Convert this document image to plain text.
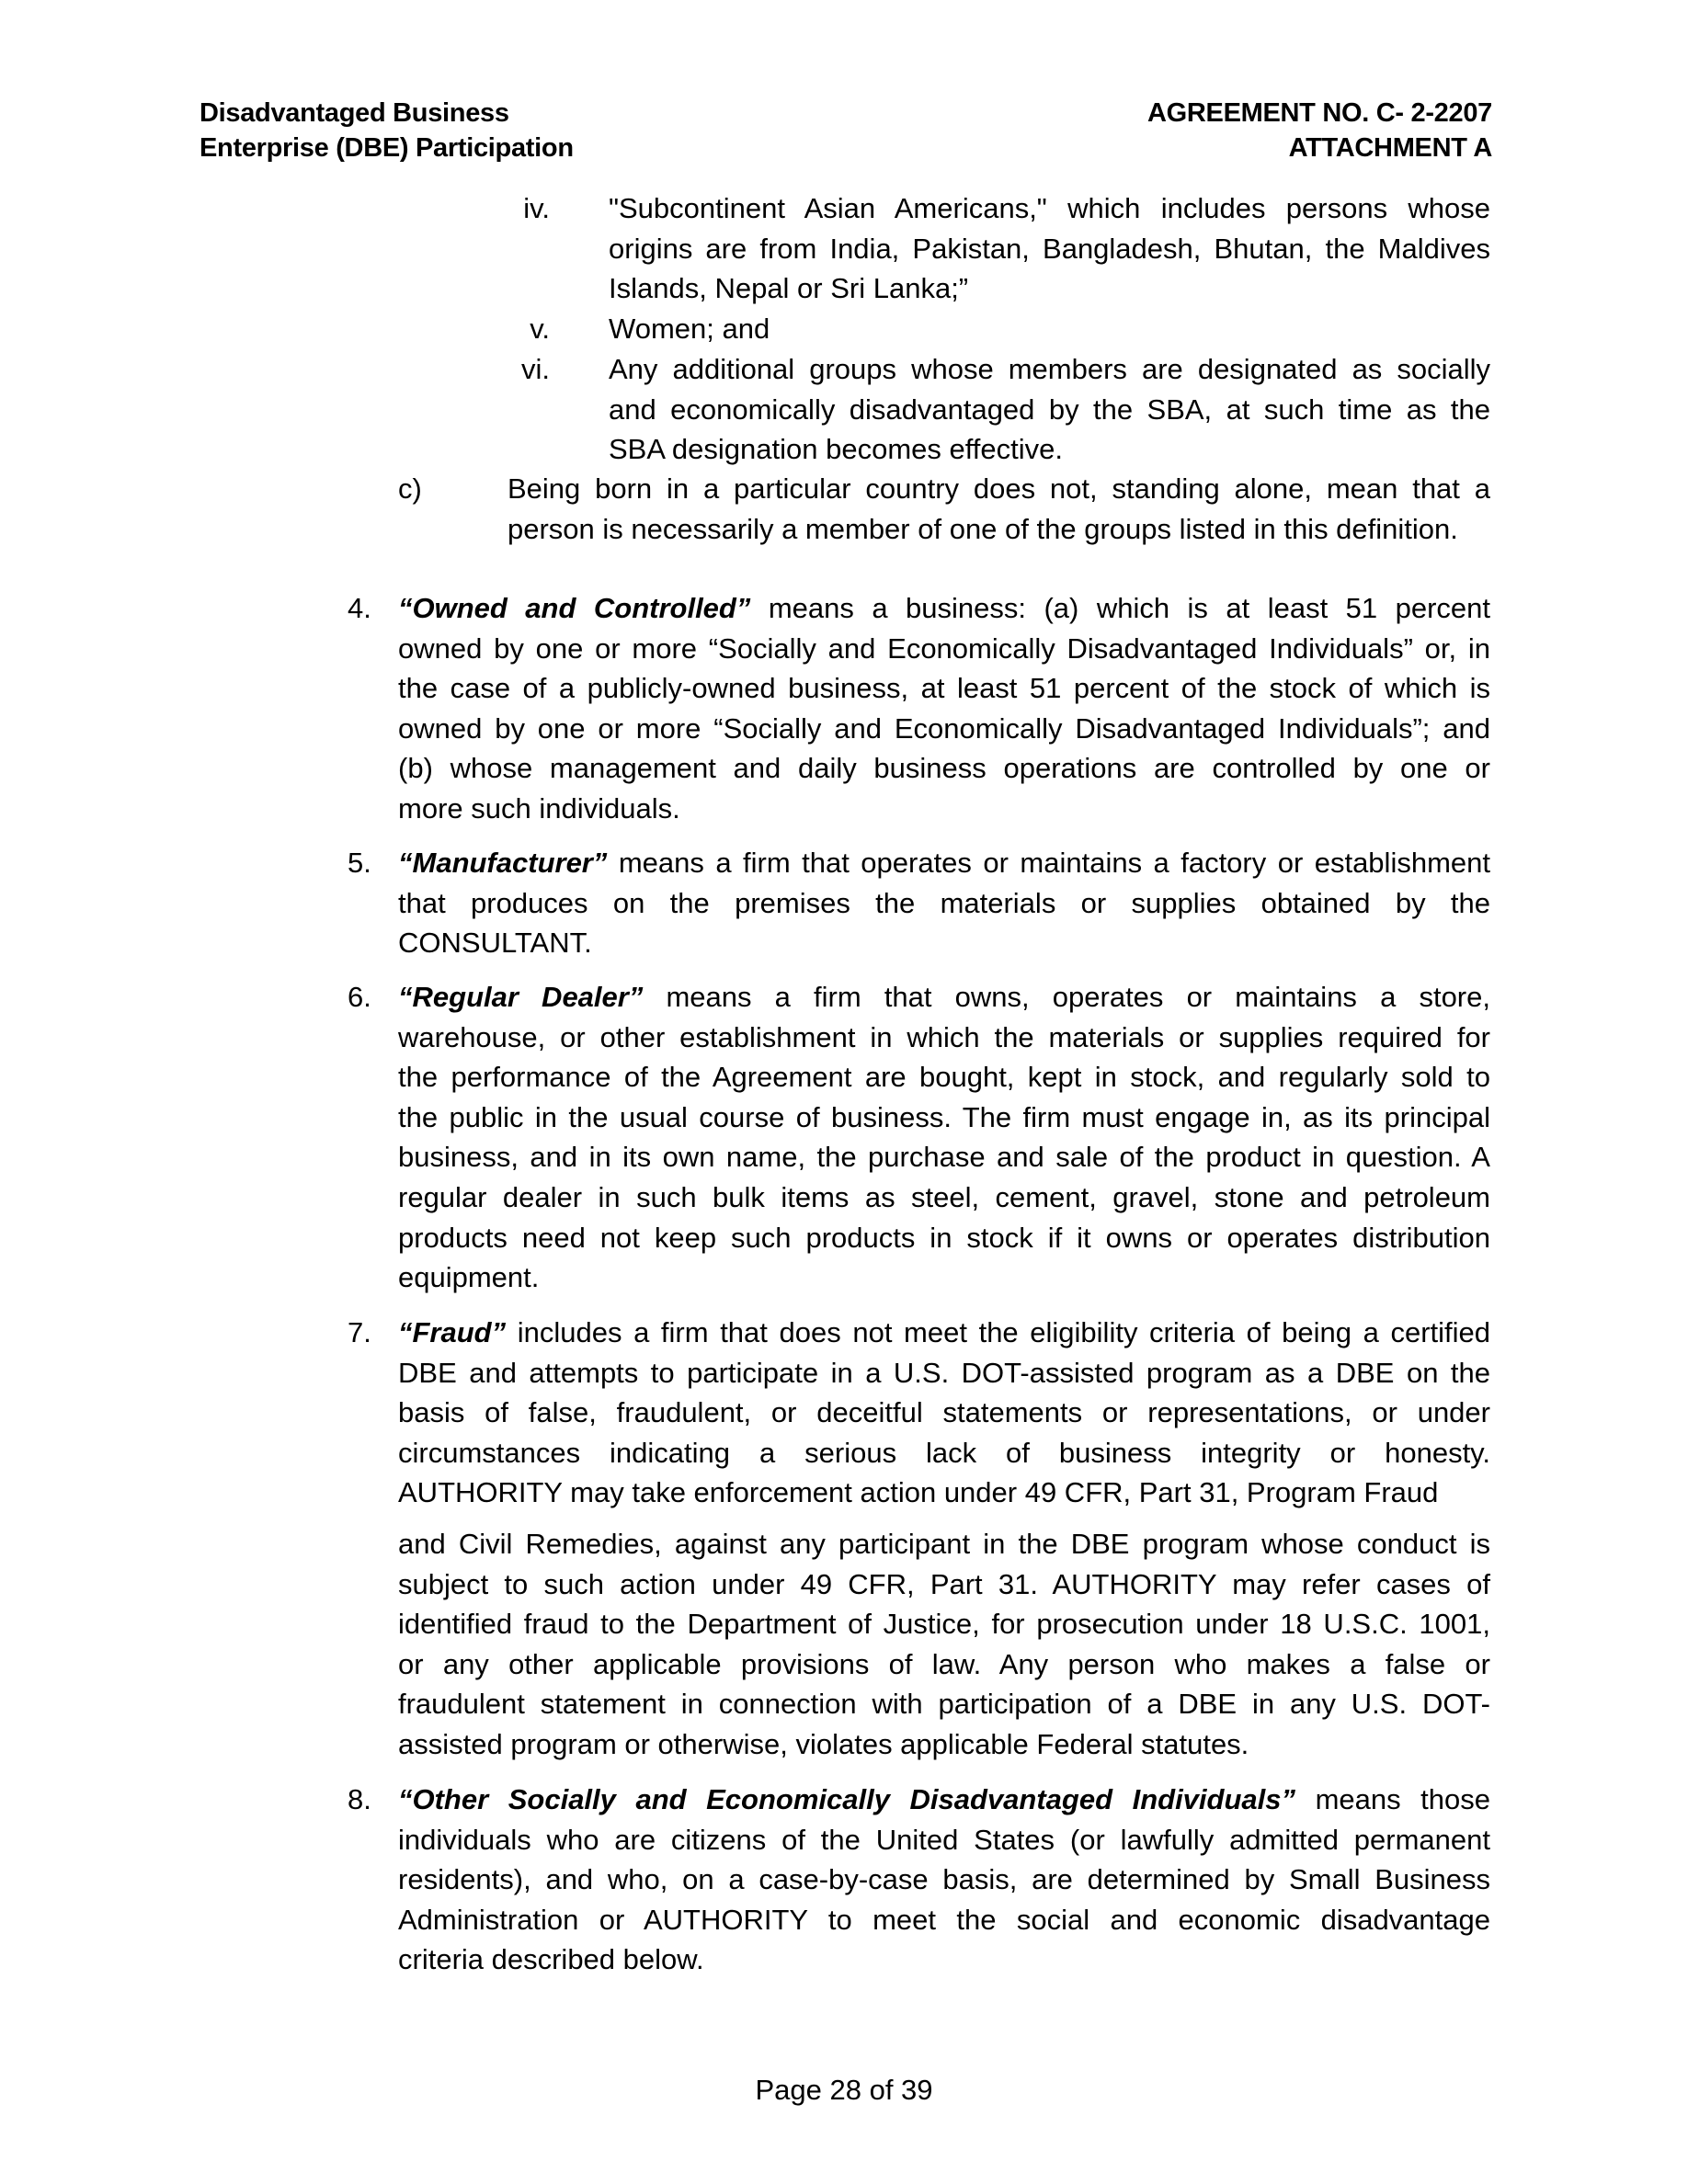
Disadvantaged Business
Enterprise (DBE) Participation
AGREEMENT NO. C- 2-2207
ATTACHMENT A
iv. "Subcontinent Asian Americans," which includes persons whose
origins are from India, Pakistan, Bangladesh, Bhutan, the Maldives
Islands, Nepal or Sri Lanka;”
v. Women; and
vi. Any additional groups whose members are designated as socially
and economically disadvantaged by the SBA, at such time as the
SBA designation becomes effective.
c)	Being born in a particular country does not, standing alone, mean that a
person is necessarily a member of one of the groups listed in this definition.
4. “Owned and Controlled” means a business: (a) which is at least 51 percent
owned by one or more “Socially and Economically Disadvantaged Individuals” or, in
the case of a publicly-owned business, at least 51 percent of the stock of which is
owned by one or more “Socially and Economically Disadvantaged Individuals”; and
(b) whose management and daily business operations are controlled by one or
more such individuals.
5. “Manufacturer” means a firm that operates or maintains a factory or establishment
that produces on the premises the materials or supplies obtained by the
CONSULTANT.
6. “Regular Dealer” means a firm that owns, operates or maintains a store,
warehouse, or other establishment in which the materials or supplies required for
the performance of the Agreement are bought, kept in stock, and regularly sold to
the public in the usual course of business. The firm must engage in, as its principal
business, and in its own name, the purchase and sale of the product in question. A
regular dealer in such bulk items as steel, cement, gravel, stone and petroleum
products need not keep such products in stock if it owns or operates distribution
equipment.
7. “Fraud” includes a firm that does not meet the eligibility criteria of being a certified
DBE and attempts to participate in a U.S. DOT-assisted program as a DBE on the
basis of false, fraudulent, or deceitful statements or representations, or under
circumstances indicating a serious lack of business integrity or honesty.
AUTHORITY may take enforcement action under 49 CFR, Part 31, Program Fraud
and Civil Remedies, against any participant in the DBE program whose conduct is
subject to such action under 49 CFR, Part 31. AUTHORITY may refer cases of
identified fraud to the Department of Justice, for prosecution under 18 U.S.C. 1001,
or any other applicable provisions of law. Any person who makes a false or
fraudulent statement in connection with participation of a DBE in any U.S. DOT-
assisted program or otherwise, violates applicable Federal statutes.
8. “Other Socially and Economically Disadvantaged Individuals” means those
individuals who are citizens of the United States (or lawfully admitted permanent
residents), and who, on a case-by-case basis, are determined by Small Business
Administration or AUTHORITY to meet the social and economic disadvantage
criteria described below.
Page 28 of 39
